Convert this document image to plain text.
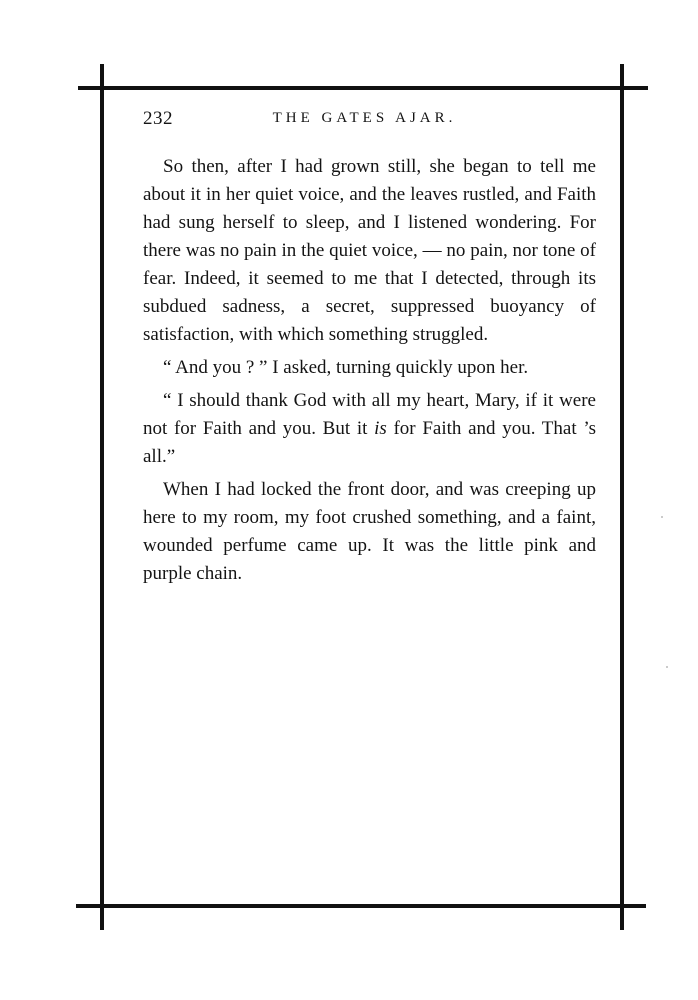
232	THE GATES AJAR.

So then, after I had grown still, she began to tell me about it in her quiet voice, and the leaves rustled, and Faith had sung herself to sleep, and I listened wondering. For there was no pain in the quiet voice, — no pain, nor tone of fear. Indeed, it seemed to me that I detected, through its subdued sadness, a secret, suppressed buoyancy of satisfaction, with which something struggled.

“ And you ? ” I asked, turning quickly upon her.

“ I should thank God with all my heart, Mary, if it were not for Faith and you. But it is for Faith and you. That ’s all.”

When I had locked the front door, and was creeping up here to my room, my foot crushed something, and a faint, wounded perfume came up. It was the little pink and purple chain.
